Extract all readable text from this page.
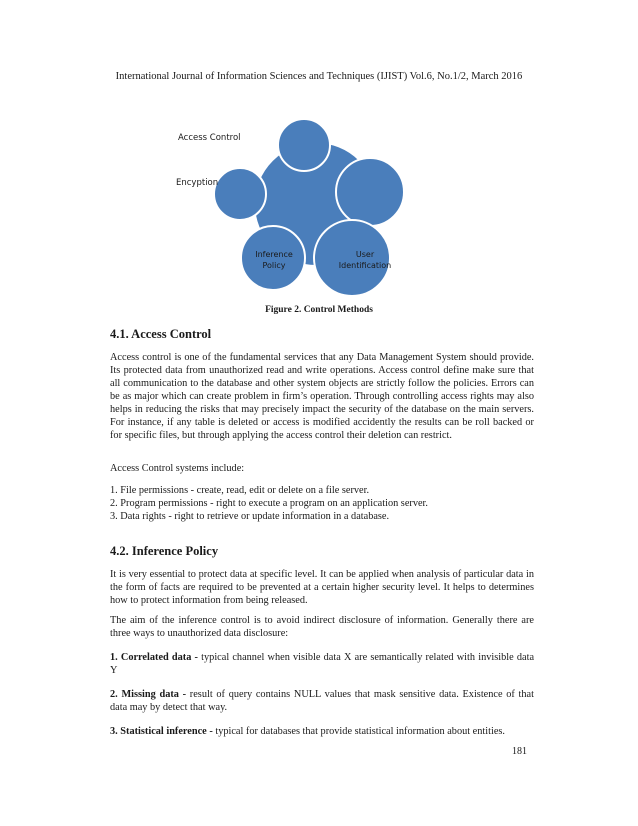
International Journal of Information Sciences and Techniques (IJIST) Vol.6, No.1/2, March 2016
Inference
Policy
User
Identification
Access Control
Encyption
Figure 2. Control Methods
4.1. Access Control
Access control is one of the fundamental services that any Data Management System should provide. Its protected data from unauthorized read and write operations. Access control define make sure that all communication to the database and other system objects are strictly follow the policies. Errors can be as major which can create problem in firm’s operation. Through controlling access rights may also helps in reducing the risks that may precisely impact the security of the database on the main servers. For instance, if any table is deleted or access is modified accidently the results can be roll backed or for specific files, but through applying the access control their deletion can restrict.
Access Control systems include:
1. File permissions - create, read, edit or delete on a file server.
2. Program permissions - right to execute a program on an application server.
3. Data rights - right to retrieve or update information in a database.
4.2. Inference Policy
It is very essential to protect data at specific level. It can be applied when analysis of particular data in the form of facts are required to be prevented at a certain higher security level. It helps to determines how to protect information from being released.
The aim of the inference control is to avoid indirect disclosure of information. Generally there are three ways to unauthorized data disclosure:
1. Correlated data - typical channel when visible data X are semantically related with invisible data Y
2. Missing data - result of query contains NULL values that mask sensitive data. Existence of that data may by detect that way.
3. Statistical inference - typical for databases that provide statistical information about entities.
181
